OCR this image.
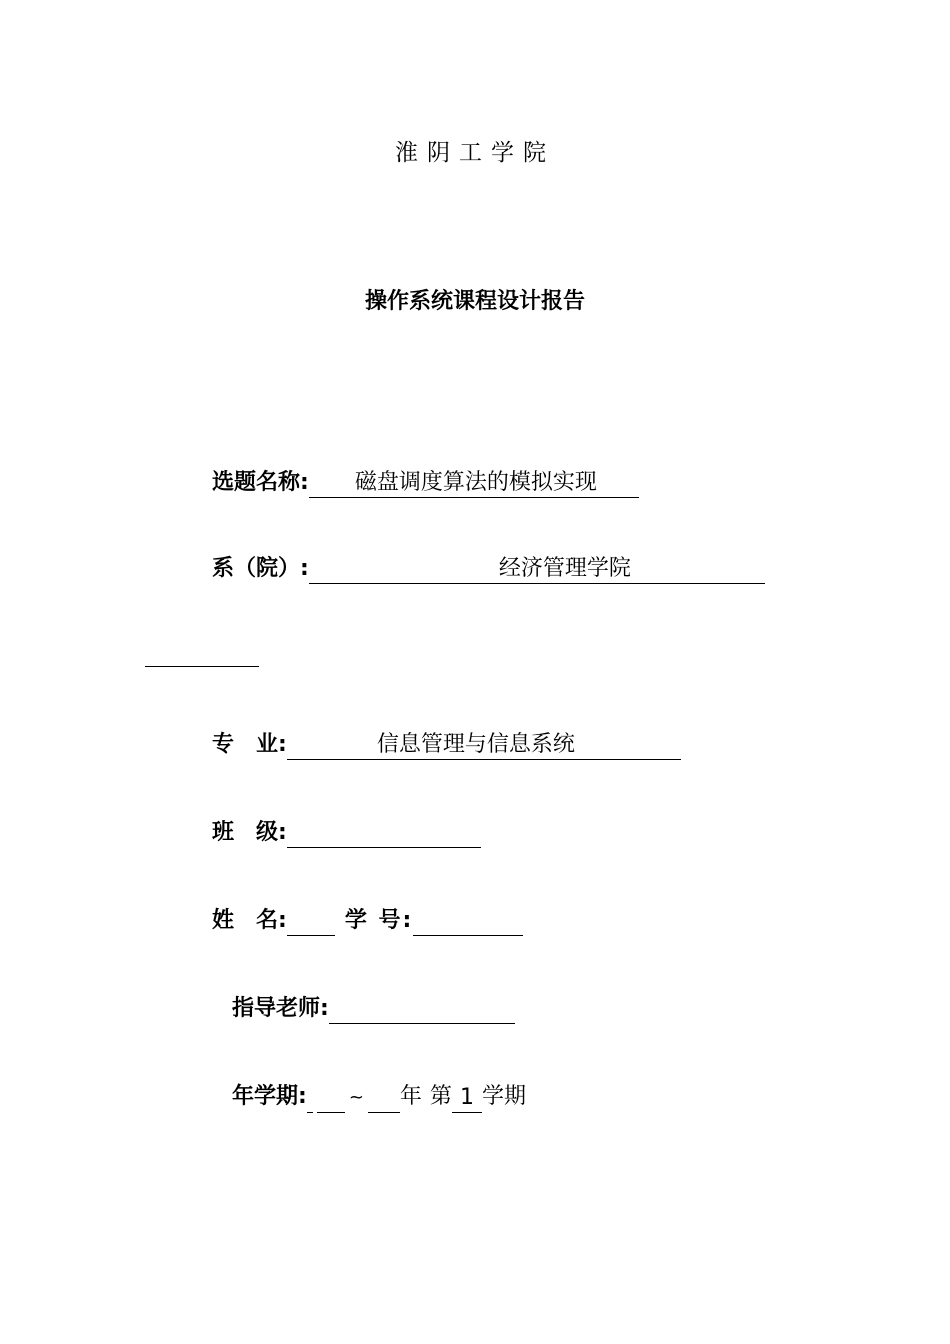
淮阴工学院
操作系统课程设计报告
选题名称: 磁盘调度算法的模拟实现
系（院）:	经济管理学院
专　业:	信息管理与信息系统
班　级:
姓　名:	学 号:
指导老师:
年学期: ~ 年 第 1 学期
